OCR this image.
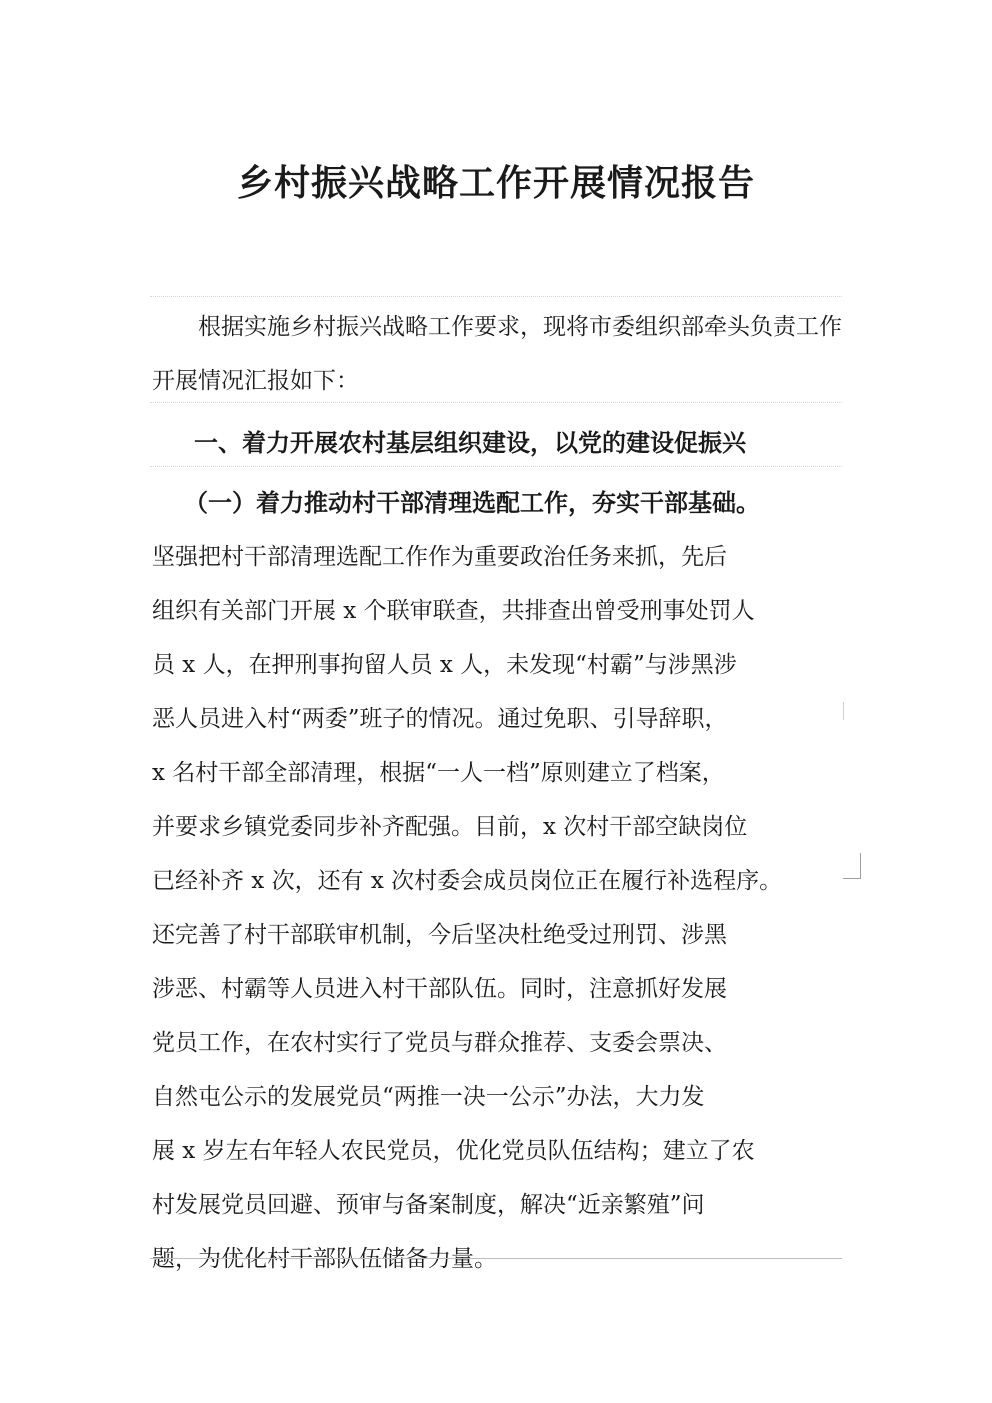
乡村振兴战略工作开展情况报告

根据实施乡村振兴战略工作要求，现将市委组织部牵头负责工作开展情况汇报如下：

一、着力开展农村基层组织建设，以党的建设促振兴
（一）着力推动村干部清理选配工作，夯实干部基础。
坚强把村干部清理选配工作作为重要政治任务来抓，先后
组织有关部门开展 x 个联审联查，共排查出曾受刑事处罚人
员 x 人，在押刑事拘留人员 x 人，未发现“村霸”与涉黑涉
恶人员进入村“两委”班子的情况。通过免职、引导辞职，
x 名村干部全部清理，根据“一人一档”原则建立了档案，
并要求乡镇党委同步补齐配强。目前，x 次村干部空缺岗位
已经补齐 x 次，还有 x 次村委会成员岗位正在履行补选程序。
还完善了村干部联审机制，今后坚决杜绝受过刑罚、涉黑
涉恶、村霸等人员进入村干部队伍。同时，注意抓好发展
党员工作，在农村实行了党员与群众推荐、支委会票决、
自然屯公示的发展党员“两推一决一公示”办法，大力发
展 x 岁左右年轻人农民党员，优化党员队伍结构；建立了农
村发展党员回避、预审与备案制度，解决“近亲繁殖”问
题，为优化村干部队伍储备力量。
